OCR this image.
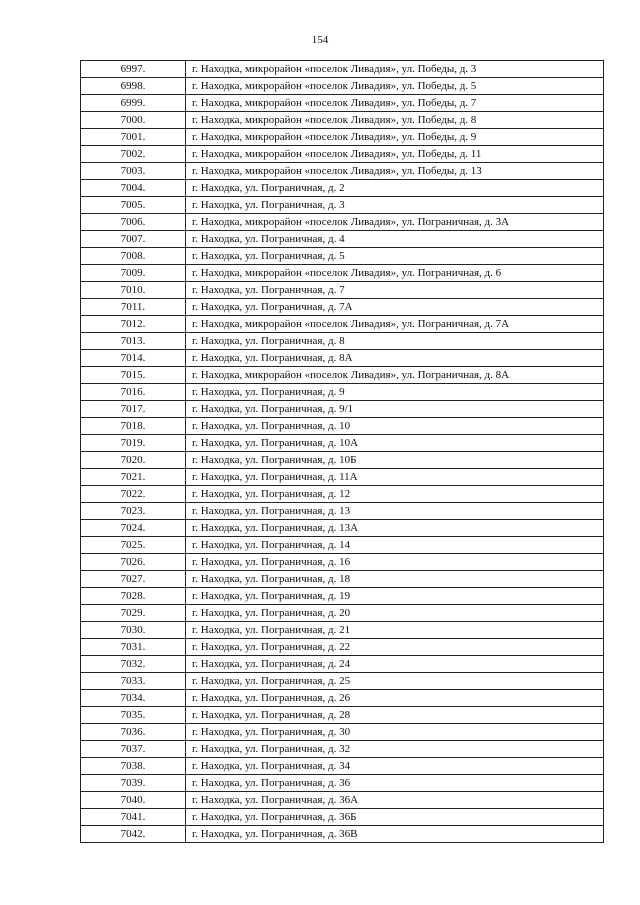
154
6997.	г. Находка, микрорайон «поселок Ливадия», ул. Победы, д. 3
6998.	г. Находка, микрорайон «поселок Ливадия», ул. Победы, д. 5
6999.	г. Находка, микрорайон «поселок Ливадия», ул. Победы, д. 7
7000.	г. Находка, микрорайон «поселок Ливадия», ул. Победы, д. 8
7001.	г. Находка, микрорайон «поселок Ливадия», ул. Победы, д. 9
7002.	г. Находка, микрорайон «поселок Ливадия», ул. Победы, д. 11
7003.	г. Находка, микрорайон «поселок Ливадия», ул. Победы, д. 13
7004.	г. Находка, ул. Пограничная, д. 2
7005.	г. Находка, ул. Пограничная, д. 3
7006.	г. Находка, микрорайон «поселок Ливадия», ул. Пограничная, д. 3А
7007.	г. Находка, ул. Пограничная, д. 4
7008.	г. Находка, ул. Пограничная, д. 5
7009.	г. Находка, микрорайон «поселок Ливадия», ул. Пограничная, д. 6
7010.	г. Находка, ул. Пограничная, д. 7
7011.	г. Находка, ул. Пограничная, д. 7А
7012.	г. Находка, микрорайон «поселок Ливадия», ул. Пограничная, д. 7А
7013.	г. Находка, ул. Пограничная, д. 8
7014.	г. Находка, ул. Пограничная, д. 8А
7015.	г. Находка, микрорайон «поселок Ливадия», ул. Пограничная, д. 8А
7016.	г. Находка, ул. Пограничная, д. 9
7017.	г. Находка, ул. Пограничная, д. 9/1
7018.	г. Находка, ул. Пограничная, д. 10
7019.	г. Находка, ул. Пограничная, д. 10А
7020.	г. Находка, ул. Пограничная, д. 10Б
7021.	г. Находка, ул. Пограничная, д. 11А
7022.	г. Находка, ул. Пограничная, д. 12
7023.	г. Находка, ул. Пограничная, д. 13
7024.	г. Находка, ул. Пограничная, д. 13А
7025.	г. Находка, ул. Пограничная, д. 14
7026.	г. Находка, ул. Пограничная, д. 16
7027.	г. Находка, ул. Пограничная, д. 18
7028.	г. Находка, ул. Пограничная, д. 19
7029.	г. Находка, ул. Пограничная, д. 20
7030.	г. Находка, ул. Пограничная, д. 21
7031.	г. Находка, ул. Пограничная, д. 22
7032.	г. Находка, ул. Пограничная, д. 24
7033.	г. Находка, ул. Пограничная, д. 25
7034.	г. Находка, ул. Пограничная, д. 26
7035.	г. Находка, ул. Пограничная, д. 28
7036.	г. Находка, ул. Пограничная, д. 30
7037.	г. Находка, ул. Пограничная, д. 32
7038.	г. Находка, ул. Пограничная, д. 34
7039.	г. Находка, ул. Пограничная, д. 36
7040.	г. Находка, ул. Пограничная, д. 36А
7041.	г. Находка, ул. Пограничная, д. 36Б
7042.	г. Находка, ул. Пограничная, д. 36В
